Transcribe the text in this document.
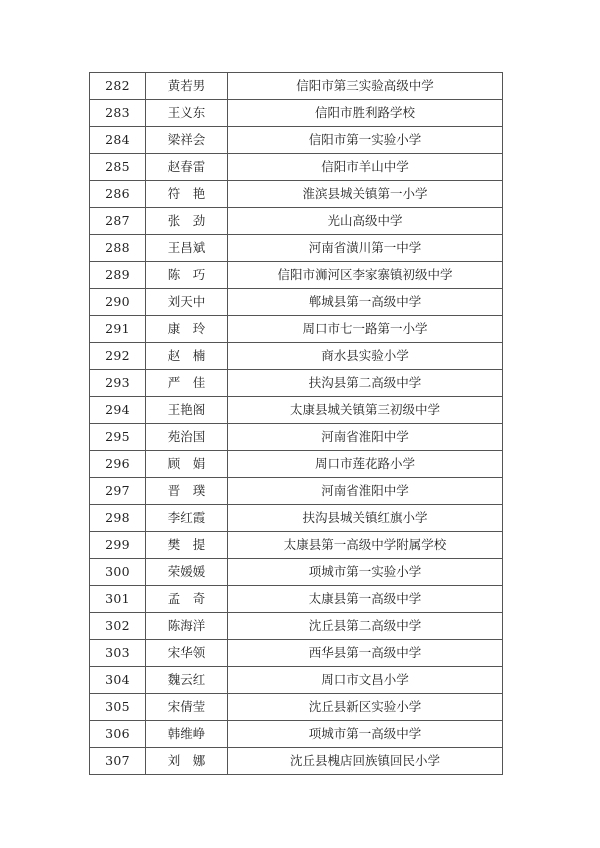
282	黄若男	信阳市第三实验高级中学
283	王义东	信阳市胜利路学校
284	梁祥会	信阳市第一实验小学
285	赵春雷	信阳市羊山中学
286	符　艳	淮滨县城关镇第一小学
287	张　劲	光山高级中学
288	王昌斌	河南省潢川第一中学
289	陈　巧	信阳市浉河区李家寨镇初级中学
290	刘天中	郸城县第一高级中学
291	康　玲	周口市七一路第一小学
292	赵　楠	商水县实验小学
293	严　佳	扶沟县第二高级中学
294	王艳阁	太康县城关镇第三初级中学
295	苑治国	河南省淮阳中学
296	顾　娟	周口市莲花路小学
297	晋　璞	河南省淮阳中学
298	李红霞	扶沟县城关镇红旗小学
299	樊　提	太康县第一高级中学附属学校
300	荣媛媛	项城市第一实验小学
301	孟　奇	太康县第一高级中学
302	陈海洋	沈丘县第二高级中学
303	宋华领	西华县第一高级中学
304	魏云红	周口市文昌小学
305	宋倩莹	沈丘县新区实验小学
306	韩维峥	项城市第一高级中学
307	刘　娜	沈丘县槐店回族镇回民小学
